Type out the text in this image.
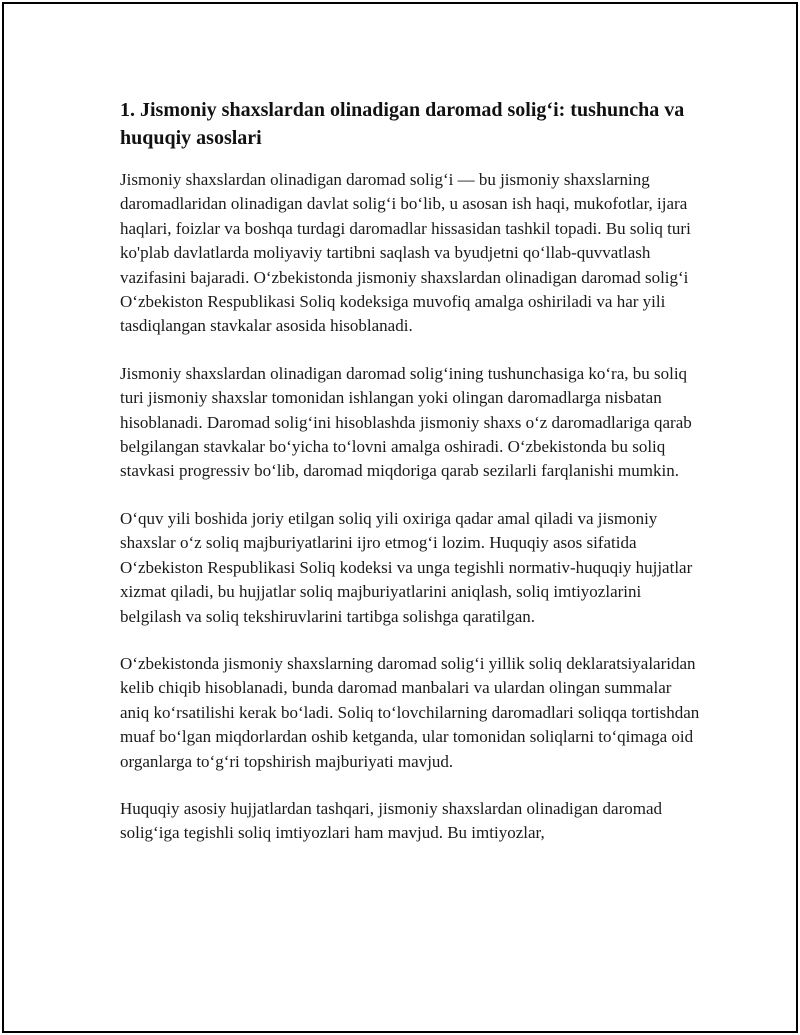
1. Jismoniy shaxslardan olinadigan daromad solig‘i: tushuncha va huquqiy asoslari

Jismoniy shaxslardan olinadigan daromad solig‘i — bu jismoniy shaxslarning daromadlaridan olinadigan davlat solig‘i bo‘lib, u asosan ish haqi, mukofotlar, ijara haqlari, foizlar va boshqa turdagi daromadlar hissasidan tashkil topadi. Bu soliq turi ko'plab davlatlarda moliyaviy tartibni saqlash va byudjetni qo‘llab-quvvatlash vazifasini bajaradi. O‘zbekistonda jismoniy shaxslardan olinadigan daromad solig‘i O‘zbekiston Respublikasi Soliq kodeksiga muvofiq amalga oshiriladi va har yili tasdiqlangan stavkalar asosida hisoblanadi.

Jismoniy shaxslardan olinadigan daromad solig‘ining tushunchasiga ko‘ra, bu soliq turi jismoniy shaxslar tomonidan ishlangan yoki olingan daromadlarga nisbatan hisoblanadi. Daromad solig‘ini hisoblashda jismoniy shaxs o‘z daromadlariga qarab belgilangan stavkalar bo‘yicha to‘lovni amalga oshiradi. O‘zbekistonda bu soliq stavkasi progressiv bo‘lib, daromad miqdoriga qarab sezilarli farqlanishi mumkin.

O‘quv yili boshida joriy etilgan soliq yili oxiriga qadar amal qiladi va jismoniy shaxslar o‘z soliq majburiyatlarini ijro etmog‘i lozim. Huquqiy asos sifatida O‘zbekiston Respublikasi Soliq kodeksi va unga tegishli normativ-huquqiy hujjatlar xizmat qiladi, bu hujjatlar soliq majburiyatlarini aniqlash, soliq imtiyozlarini belgilash va soliq tekshiruvlarini tartibga solishga qaratilgan.

O‘zbekistonda jismoniy shaxslarning daromad solig‘i yillik soliq deklaratsiyalaridan kelib chiqib hisoblanadi, bunda daromad manbalari va ulardan olingan summalar aniq ko‘rsatilishi kerak bo‘ladi. Soliq to‘lovchilarning daromadlari soliqqa tortishdan muaf bo‘lgan miqdorlardan oshib ketganda, ular tomonidan soliqlarni to‘qimaga oid organlarga to‘g‘ri topshirish majburiyati mavjud.

Huquqiy asosiy hujjatlardan tashqari, jismoniy shaxslardan olinadigan daromad solig‘iga tegishli soliq imtiyozlari ham mavjud. Bu imtiyozlar,
